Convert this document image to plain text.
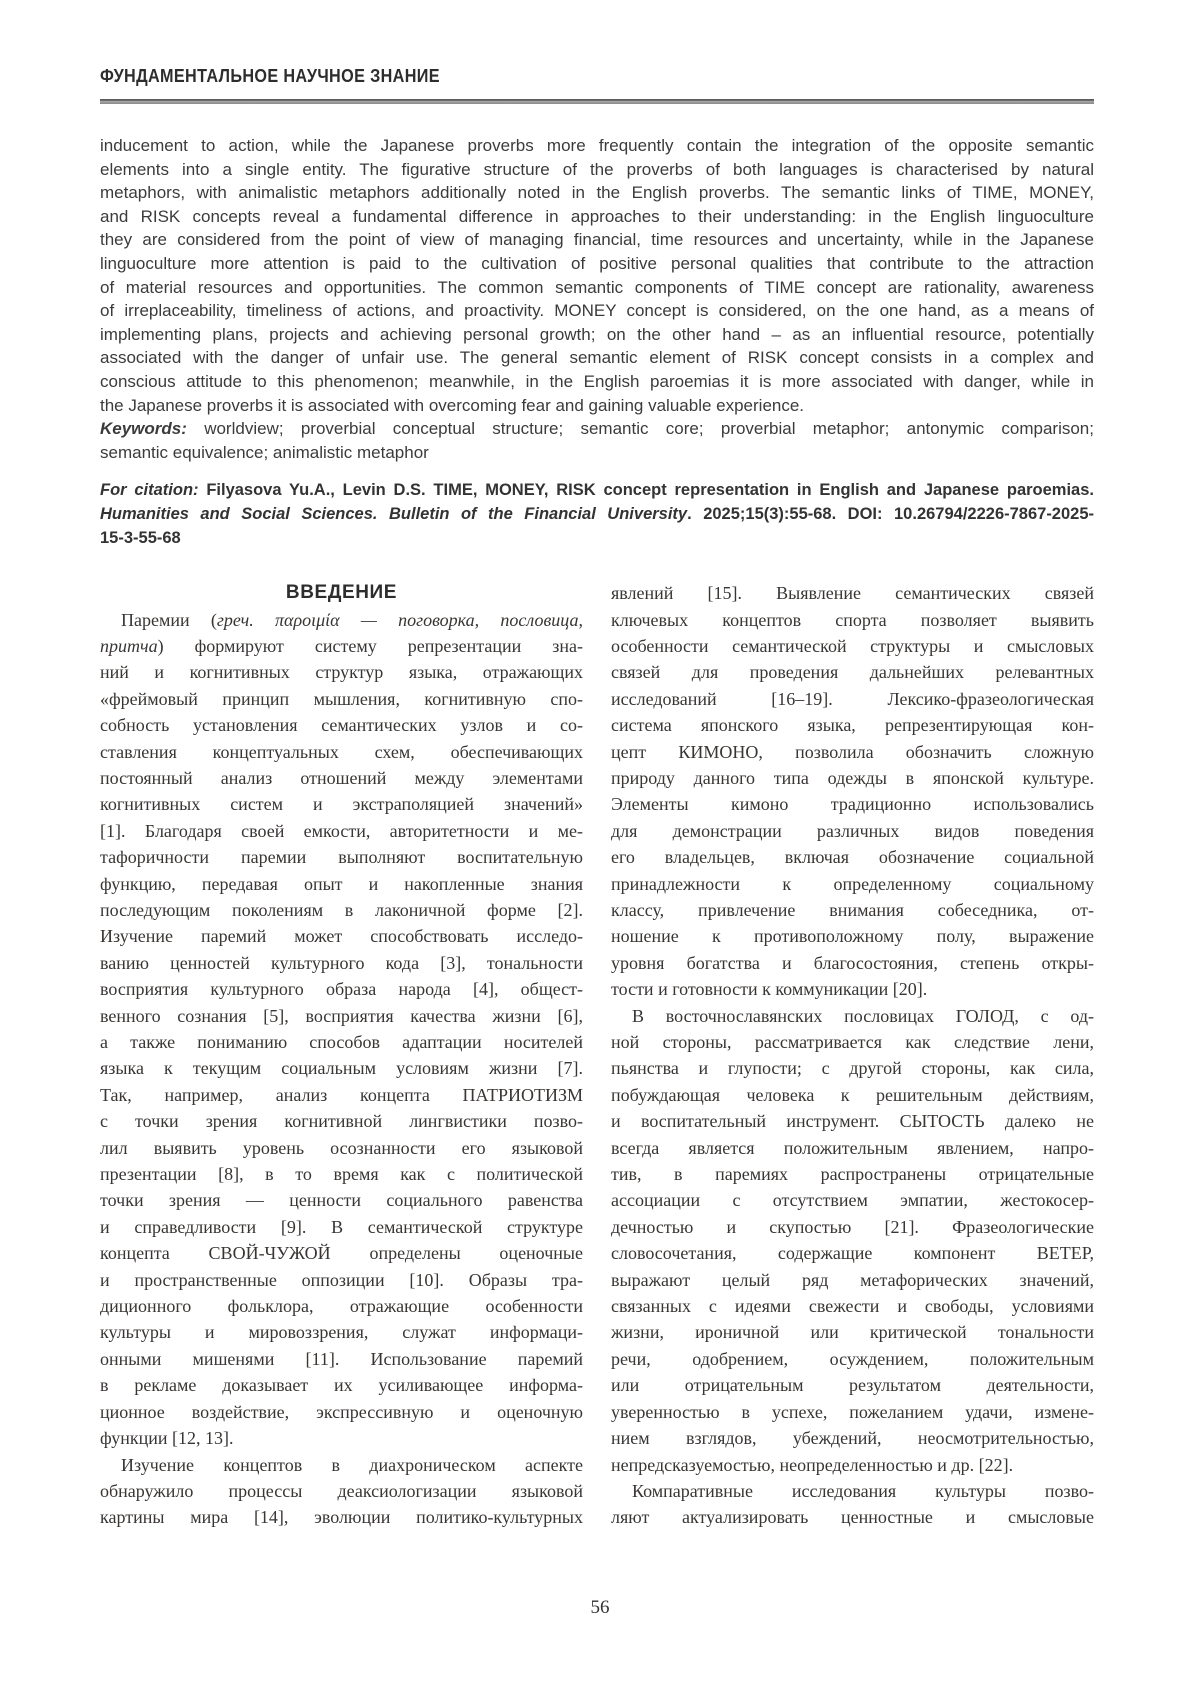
ФУНДАМЕНТАЛЬНОЕ НАУЧНОЕ ЗНАНИЕ
inducement to action, while the Japanese proverbs more frequently contain the integration of the opposite semantic
elements into a single entity. The figurative structure of the proverbs of both languages is characterised by natural
metaphors, with animalistic metaphors additionally noted in the English proverbs. The semantic links of TIME, MONEY,
and RISK concepts reveal a fundamental difference in approaches to their understanding: in the English linguoculture
they are considered from the point of view of managing financial, time resources and uncertainty, while in the Japanese
linguoculture more attention is paid to the cultivation of positive personal qualities that contribute to the attraction
of material resources and opportunities. The common semantic components of TIME concept are rationality, awareness
of irreplaceability, timeliness of actions, and proactivity. MONEY concept is considered, on the one hand, as a means of
implementing plans, projects and achieving personal growth; on the other hand – as an influential resource, potentially
associated with the danger of unfair use. The general semantic element of RISK concept consists in a complex and
conscious attitude to this phenomenon; meanwhile, in the English paroemias it is more associated with danger, while in
the Japanese proverbs it is associated with overcoming fear and gaining valuable experience.
Keywords: worldview; proverbial conceptual structure; semantic core; proverbial metaphor; antonymic comparison;
semantic equivalence; animalistic metaphor
For citation: Filyasova Yu.A., Levin D.S. TIME, MONEY, RISK concept representation in English and Japanese paroemias.
Humanities and Social Sciences. Bulletin of the Financial University. 2025;15(3):55-68. DOI: 10.26794/2226-7867-2025-
15-3-55-68
ВВЕДЕНИЕ
Паремии (греч. παροιμία — поговорка, пословица,
притча) формируют систему репрезентации зна-
ний и когнитивных структур языка, отражающих
«фреймовый принцип мышления, когнитивную спо-
собность установления семантических узлов и со-
ставления концептуальных схем, обеспечивающих
постоянный анализ отношений между элементами
когнитивных систем и экстраполяцией значений»
[1]. Благодаря своей емкости, авторитетности и ме-
тафоричности паремии выполняют воспитательную
функцию, передавая опыт и накопленные знания
последующим поколениям в лаконичной форме [2].
Изучение паремий может способствовать исследо-
ванию ценностей культурного кода [3], тональности
восприятия культурного образа народа [4], общест-
венного сознания [5], восприятия качества жизни [6],
а также пониманию способов адаптации носителей
языка к текущим социальным условиям жизни [7].
Так, например, анализ концепта ПАТРИОТИЗМ
с точки зрения когнитивной лингвистики позво-
лил выявить уровень осознанности его языковой
презентации [8], в то время как с политической
точки зрения — ценности социального равенства
и справедливости [9]. В семантической структуре
концепта СВОЙ-ЧУЖОЙ определены оценочные
и пространственные оппозиции [10]. Образы тра-
диционного фольклора, отражающие особенности
культуры и мировоззрения, служат информаци-
онными мишенями [11]. Использование паремий
в рекламе доказывает их усиливающее информа-
ционное воздействие, экспрессивную и оценочную
функции [12, 13].
Изучение концептов в диахроническом аспекте
обнаружило процессы деаксиологизации языковой
картины мира [14], эволюции политико-культурных
явлений [15]. Выявление семантических связей
ключевых концептов спорта позволяет выявить
особенности семантической структуры и смысловых
связей для проведения дальнейших релевантных
исследований [16–19]. Лексико-фразеологическая
система японского языка, репрезентирующая кон-
цепт КИМОНО, позволила обозначить сложную
природу данного типа одежды в японской культуре.
Элементы кимоно традиционно использовались
для демонстрации различных видов поведения
его владельцев, включая обозначение социальной
принадлежности к определенному социальному
классу, привлечение внимания собеседника, от-
ношение к противоположному полу, выражение
уровня богатства и благосостояния, степень откры-
тости и готовности к коммуникации [20].
В восточнославянских пословицах ГОЛОД, с од-
ной стороны, рассматривается как следствие лени,
пьянства и глупости; с другой стороны, как сила,
побуждающая человека к решительным действиям,
и воспитательный инструмент. СЫТОСТЬ далеко не
всегда является положительным явлением, напро-
тив, в паремиях распространены отрицательные
ассоциации с отсутствием эмпатии, жестокосер-
дечностью и скупостью [21]. Фразеологические
словосочетания, содержащие компонент ВЕТЕР,
выражают целый ряд метафорических значений,
связанных с идеями свежести и свободы, условиями
жизни, ироничной или критической тональности
речи, одобрением, осуждением, положительным
или отрицательным результатом деятельности,
уверенностью в успехе, пожеланием удачи, измене-
нием взглядов, убеждений, неосмотрительностью,
непредсказуемостью, неопределенностью и др. [22].
Компаративные исследования культуры позво-
ляют актуализировать ценностные и смысловые
56
